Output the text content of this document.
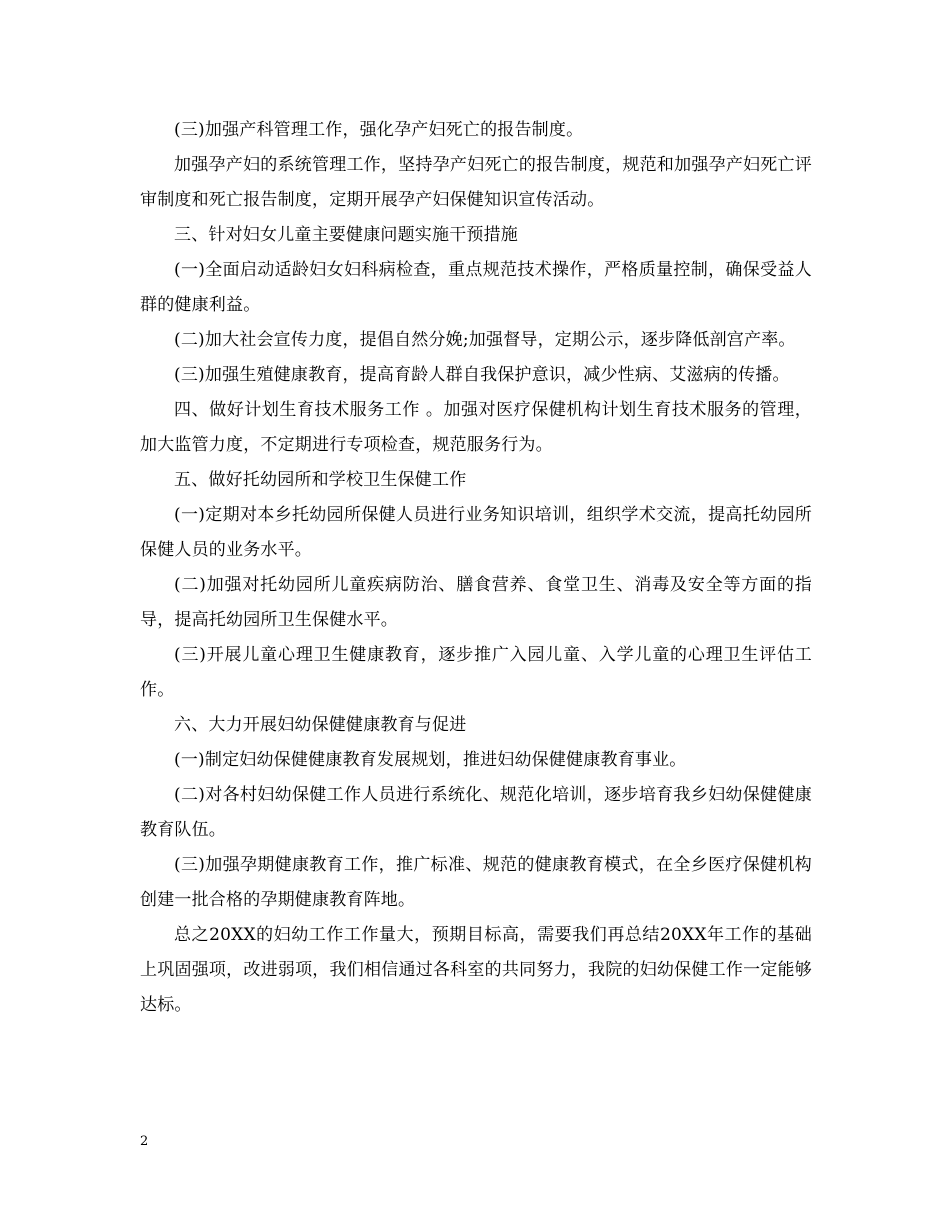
(三)加强产科管理工作，强化孕产妇死亡的报告制度。

加强孕产妇的系统管理工作，坚持孕产妇死亡的报告制度，规范和加强孕产妇死亡评审制度和死亡报告制度，定期开展孕产妇保健知识宣传活动。

三、针对妇女儿童主要健康问题实施干预措施

(一)全面启动适龄妇女妇科病检查，重点规范技术操作，严格质量控制，确保受益人群的健康利益。

(二)加大社会宣传力度，提倡自然分娩;加强督导，定期公示，逐步降低剖宫产率。

(三)加强生殖健康教育，提高育龄人群自我保护意识，减少性病、艾滋病的传播。

四、做好计划生育技术服务工作 。加强对医疗保健机构计划生育技术服务的管理，加大监管力度，不定期进行专项检查，规范服务行为。

五、做好托幼园所和学校卫生保健工作

(一)定期对本乡托幼园所保健人员进行业务知识培训，组织学术交流，提高托幼园所保健人员的业务水平。

(二)加强对托幼园所儿童疾病防治、膳食营养、食堂卫生、消毒及安全等方面的指导，提高托幼园所卫生保健水平。

(三)开展儿童心理卫生健康教育，逐步推广入园儿童、入学儿童的心理卫生评估工作。

六、大力开展妇幼保健健康教育与促进

(一)制定妇幼保健健康教育发展规划，推进妇幼保健健康教育事业。

(二)对各村妇幼保健工作人员进行系统化、规范化培训，逐步培育我乡妇幼保健健康教育队伍。

(三)加强孕期健康教育工作，推广标准、规范的健康教育模式，在全乡医疗保健机构创建一批合格的孕期健康教育阵地。

总之20XX的妇幼工作工作量大，预期目标高，需要我们再总结20XX年工作的基础上巩固强项，改进弱项，我们相信通过各科室的共同努力，我院的妇幼保健工作一定能够达标。

2
